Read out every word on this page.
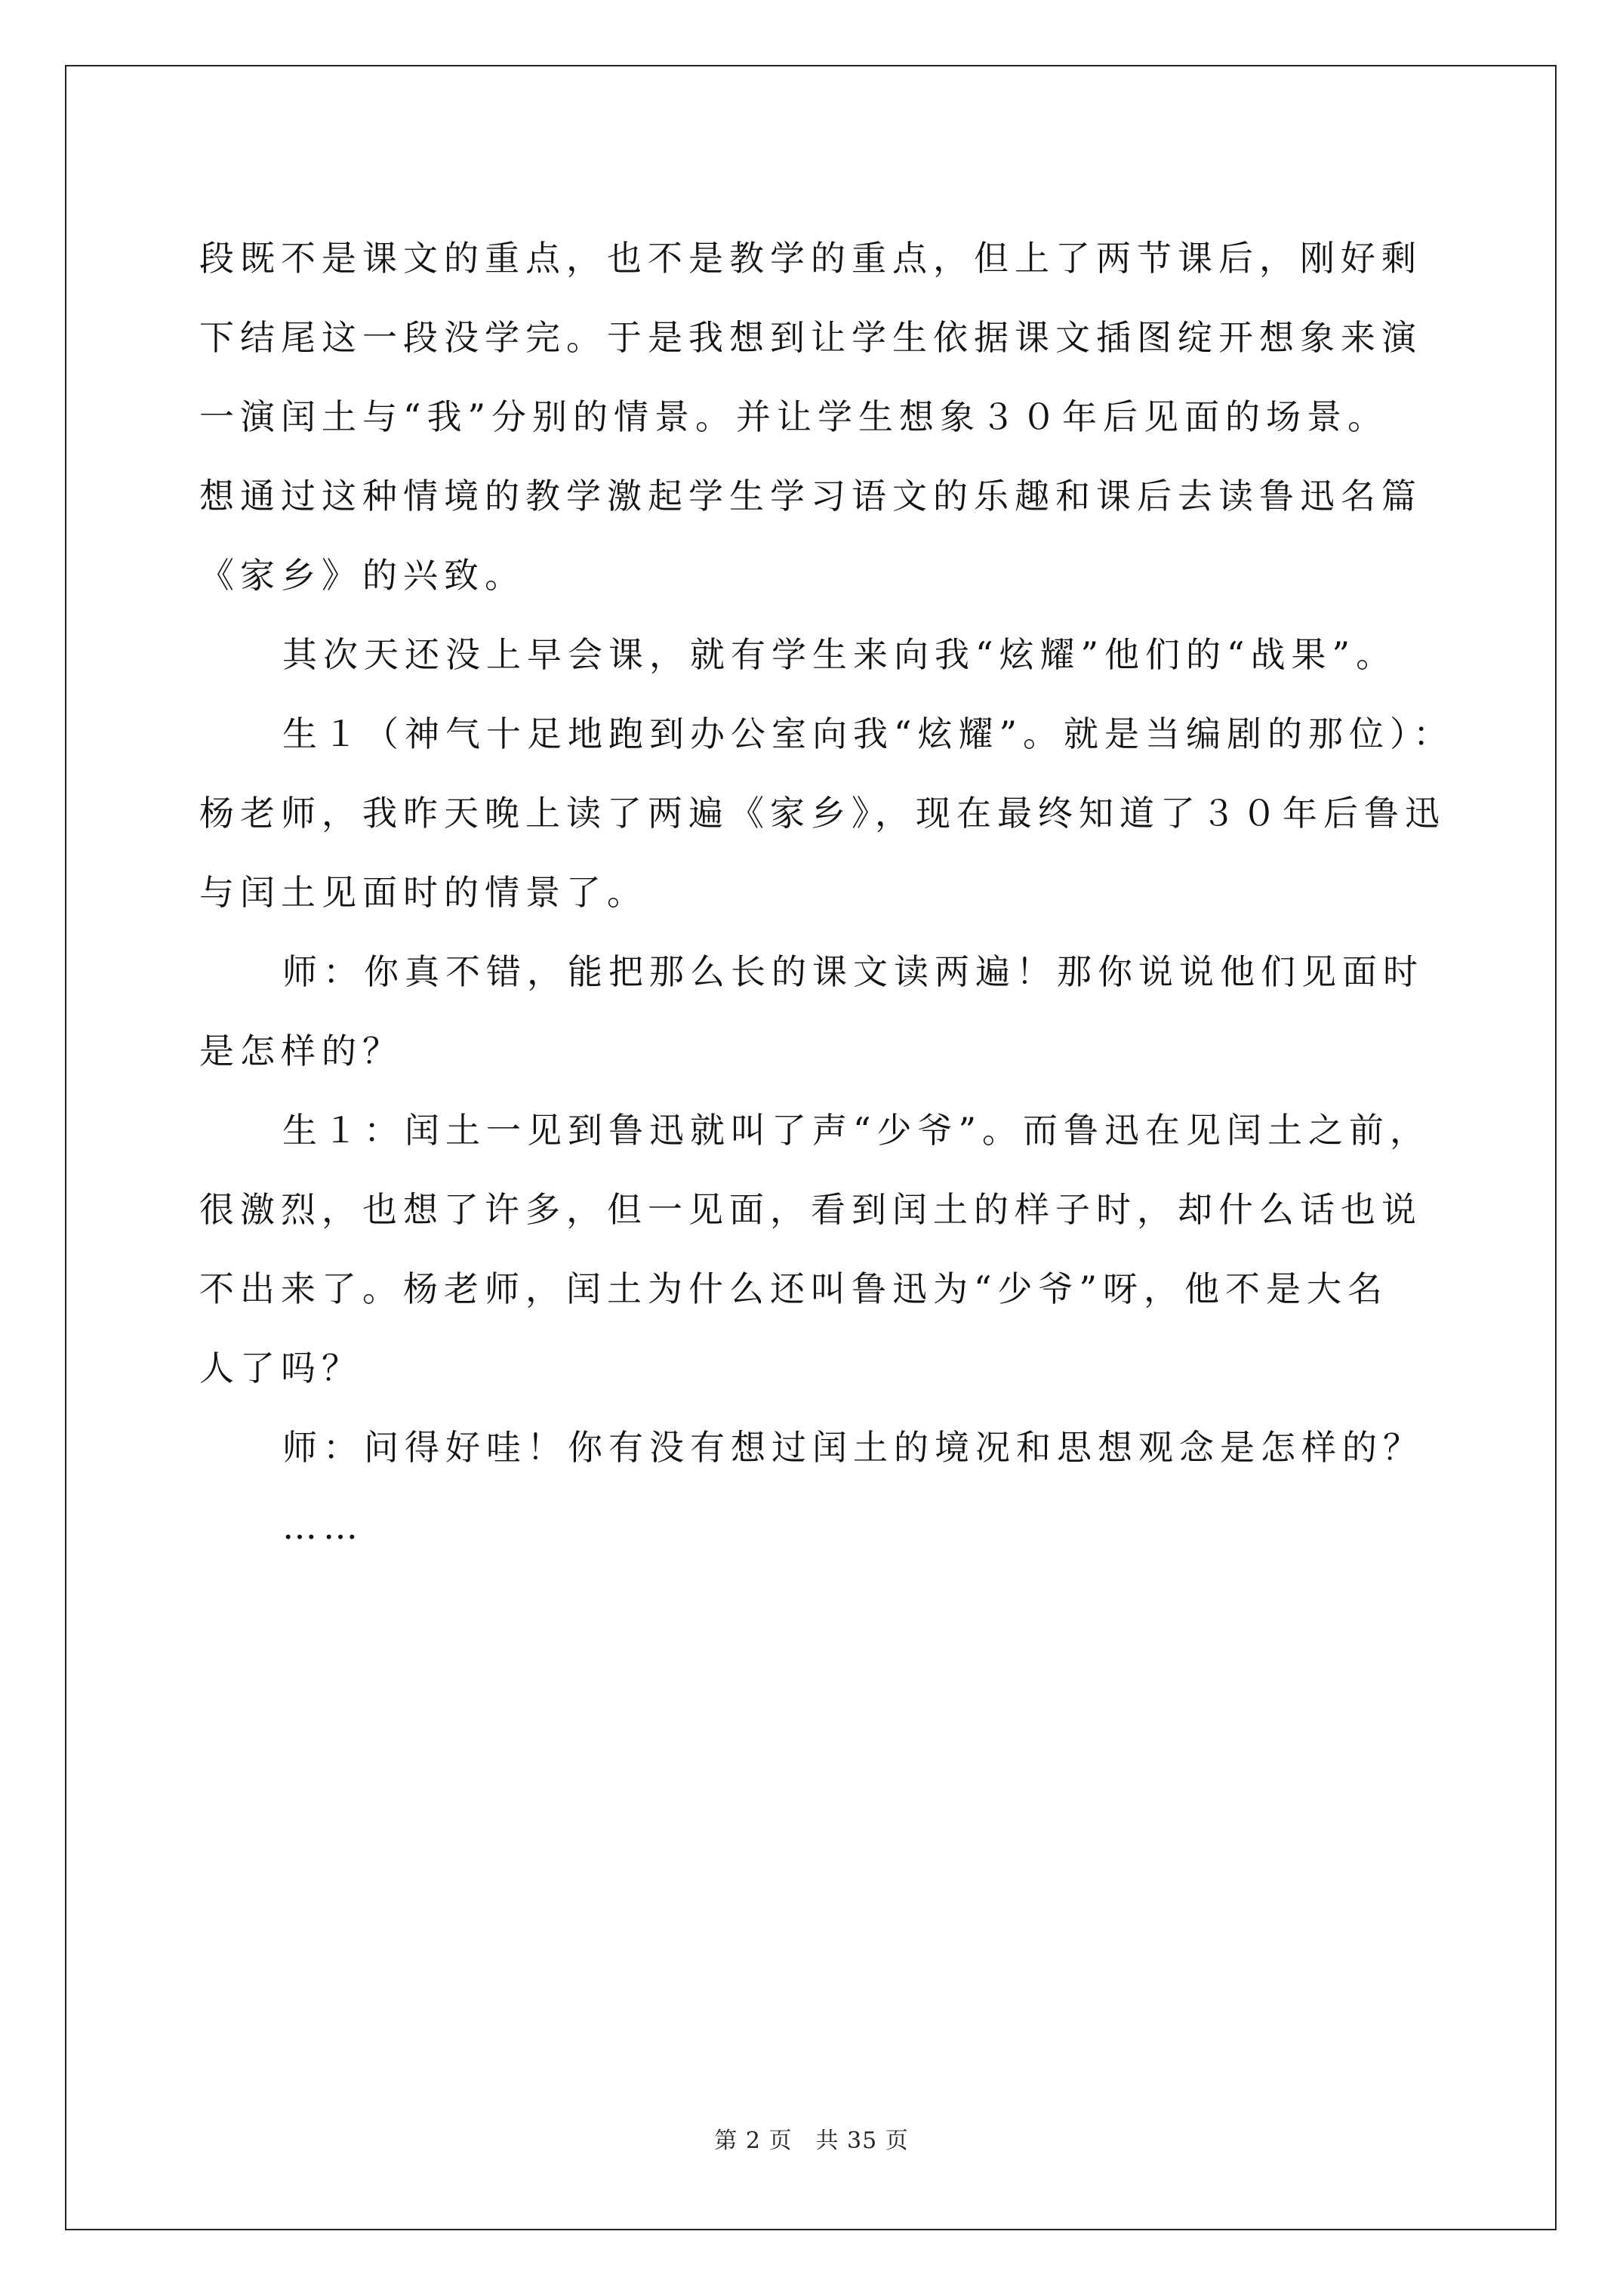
段既不是课文的重点，也不是教学的重点，但上了两节课后，刚好剩
下结尾这一段没学完。于是我想到让学生依据课文插图绽开想象来演
一演闰土与“我”分别的情景。并让学生想象３０年后见面的场景。
想通过这种情境的教学激起学生学习语文的乐趣和课后去读鲁迅名篇
《家乡》的兴致。

其次天还没上早会课，就有学生来向我“炫耀”他们的“战果”。

生１（神气十足地跑到办公室向我“炫耀”。就是当编剧的那位）：
杨老师，我昨天晚上读了两遍《家乡》，现在最终知道了３０年后鲁迅
与闰土见面时的情景了。

师：你真不错，能把那么长的课文读两遍！那你说说他们见面时
是怎样的？

生１：闰土一见到鲁迅就叫了声“少爷”。而鲁迅在见闰土之前，
很激烈，也想了许多，但一见面，看到闰土的样子时，却什么话也说
不出来了。杨老师，闰土为什么还叫鲁迅为“少爷”呀，他不是大名
人了吗？

师：问得好哇！你有没有想过闰土的境况和思想观念是怎样的？

……

第 2 页　共 35 页
